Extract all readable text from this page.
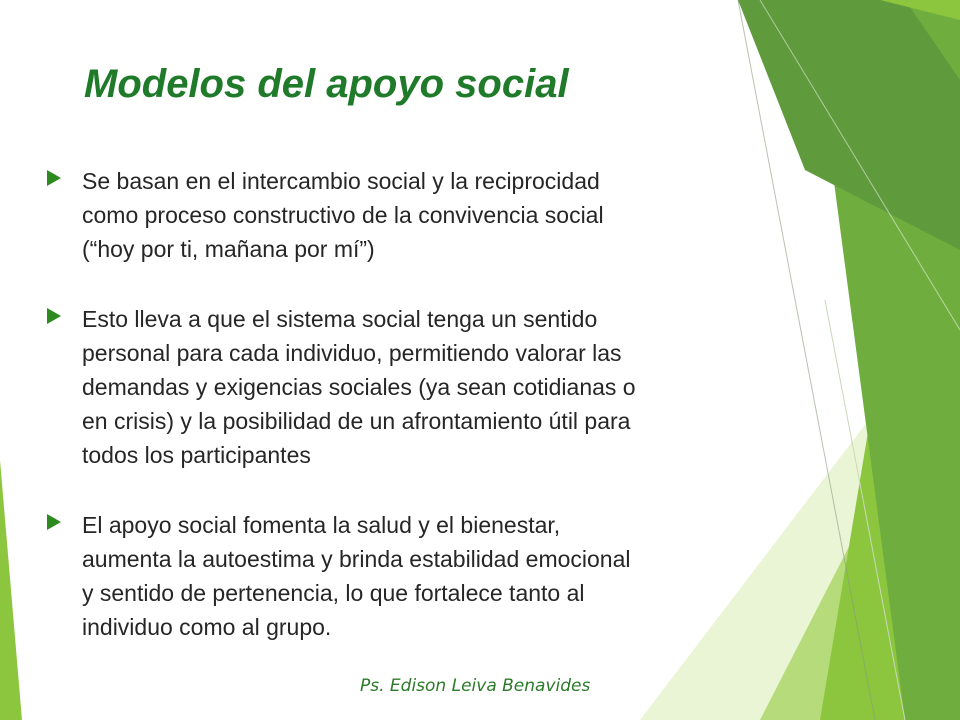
Modelos del apoyo social
Se basan en el intercambio social y la reciprocidad
como proceso constructivo de la convivencia social
(“hoy por ti, mañana por mí”)
Esto lleva a que el sistema social tenga un sentido
personal para cada individuo, permitiendo valorar las
demandas y exigencias sociales (ya sean cotidianas o
en crisis) y la posibilidad de un afrontamiento útil para
todos los participantes
El apoyo social fomenta la salud y el bienestar,
aumenta la autoestima y brinda estabilidad emocional
y sentido de pertenencia, lo que fortalece tanto al
individuo como al grupo.
Ps. Edison Leiva Benavides
